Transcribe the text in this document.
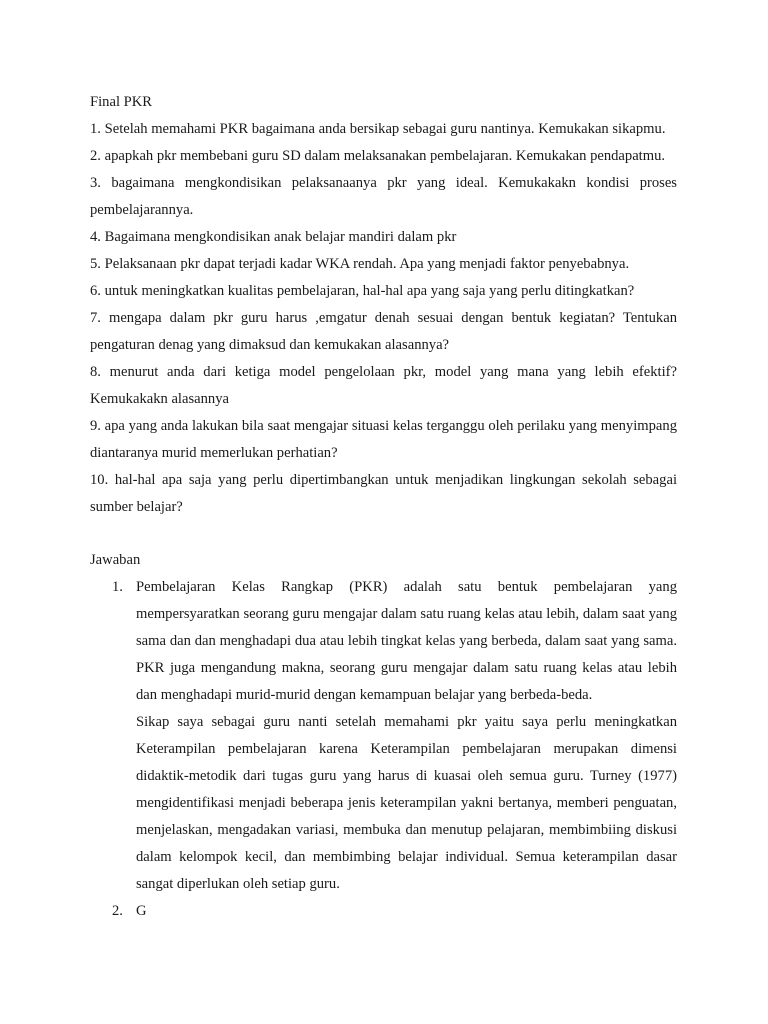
Final PKR

1. Setelah memahami PKR bagaimana anda bersikap sebagai guru nantinya. Kemukakan sikapmu.

2. apapkah pkr membebani guru SD dalam melaksanakan pembelajaran. Kemukakan pendapatmu.

3. bagaimana mengkondisikan pelaksanaanya pkr yang ideal. Kemukakakn kondisi proses pembelajarannya.

4. Bagaimana mengkondisikan anak belajar mandiri dalam pkr

5. Pelaksanaan pkr dapat terjadi kadar WKA rendah. Apa yang menjadi faktor penyebabnya.

6. untuk meningkatkan kualitas pembelajaran, hal-hal apa yang saja yang perlu ditingkatkan?

7. mengapa dalam pkr guru harus ,emgatur denah sesuai dengan bentuk kegiatan? Tentukan pengaturan denag yang dimaksud dan kemukakan alasannya?

8. menurut anda dari ketiga model pengelolaan pkr, model yang mana yang lebih efektif? Kemukakakn alasannya

9. apa yang anda lakukan bila saat mengajar situasi kelas terganggu oleh perilaku yang menyimpang diantaranya murid memerlukan perhatian?

10. hal-hal apa saja yang perlu dipertimbangkan untuk menjadikan lingkungan sekolah sebagai sumber belajar?

Jawaban

1. Pembelajaran Kelas Rangkap (PKR) adalah satu bentuk pembelajaran yang mempersyaratkan seorang guru mengajar dalam satu ruang kelas atau lebih, dalam saat yang sama dan dan menghadapi dua atau lebih tingkat kelas yang berbeda, dalam saat yang sama. PKR juga mengandung makna, seorang guru mengajar dalam satu ruang kelas atau lebih dan menghadapi murid-murid dengan kemampuan belajar yang berbeda-beda.

Sikap saya sebagai guru nanti setelah memahami pkr yaitu saya perlu meningkatkan Keterampilan pembelajaran karena Keterampilan pembelajaran merupakan dimensi didaktik-metodik dari tugas guru yang harus di kuasai oleh semua guru. Turney (1977) mengidentifikasi menjadi beberapa jenis keterampilan yakni bertanya, memberi penguatan, menjelaskan, mengadakan variasi, membuka dan menutup pelajaran, membimbiing diskusi dalam kelompok kecil, dan membimbing belajar individual. Semua keterampilan dasar sangat diperlukan oleh setiap guru.

2. G
